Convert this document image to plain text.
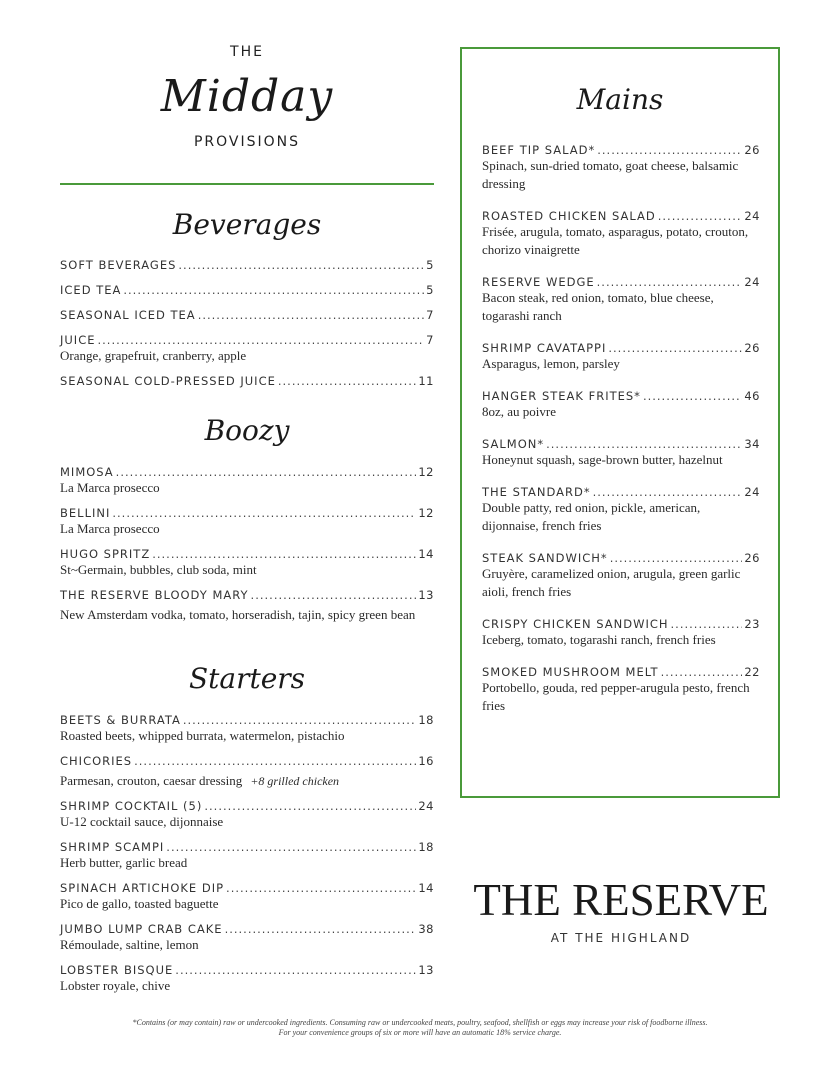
THE
Midday
PROVISIONS
Beverages
SOFT BEVERAGES .....	5
ICED TEA .....	5
SEASONAL ICED TEA .....	7
JUICE .....	7
Orange, grapefruit, cranberry, apple
SEASONAL COLD-PRESSED JUICE .....	11
Boozy
MIMOSA .....	12
La Marca prosecco
BELLINI .....	12
La Marca prosecco
HUGO SPRITZ .....	14
St~Germain, bubbles, club soda, mint
THE RESERVE BLOODY MARY .....	13
New Amsterdam vodka, tomato, horseradish, tajin, spicy green bean
Starters
BEETS & BURRATA .....	18
Roasted beets, whipped burrata, watermelon, pistachio
CHICORIES .....	16
Parmesan, crouton, caesar dressing +8 grilled chicken
SHRIMP COCKTAIL (5) .....	24
U-12 cocktail sauce, dijonnaise
SHRIMP SCAMPI .....	18
Herb butter, garlic bread
SPINACH ARTICHOKE DIP .....	14
Pico de gallo, toasted baguette
JUMBO LUMP CRAB CAKE .....	38
Rémoulade, saltine, lemon
LOBSTER BISQUE .....	13
Lobster royale, chive
Mains
BEEF TIP SALAD* .....	26
Spinach, sun-dried tomato, goat cheese, balsamic dressing
ROASTED CHICKEN SALAD .....	24
Frisée, arugula, tomato, asparagus, potato, crouton, chorizo vinaigrette
RESERVE WEDGE .....	24
Bacon steak, red onion, tomato, blue cheese, togarashi ranch
SHRIMP CAVATAPPI .....	26
Asparagus, lemon, parsley
HANGER STEAK FRITES* .....	46
8oz, au poivre
SALMON* .....	34
Honeynut squash, sage-brown butter, hazelnut
THE STANDARD* .....	24
Double patty, red onion, pickle, american, dijonnaise, french fries
STEAK SANDWICH* .....	26
Gruyère, caramelized onion, arugula, green garlic aioli, french fries
CRISPY CHICKEN SANDWICH .....	23
Iceberg, tomato, togarashi ranch, french fries
SMOKED MUSHROOM MELT .....	22
Portobello, gouda, red pepper-arugula pesto, french fries
THE RESERVE
AT THE HIGHLAND
*Contains (or may contain) raw or undercooked ingredients. Consuming raw or undercooked meats, poultry, seafood, shellfish or eggs may increase your risk of foodborne illness.
For your convenience groups of six or more will have an automatic 18% service charge.
